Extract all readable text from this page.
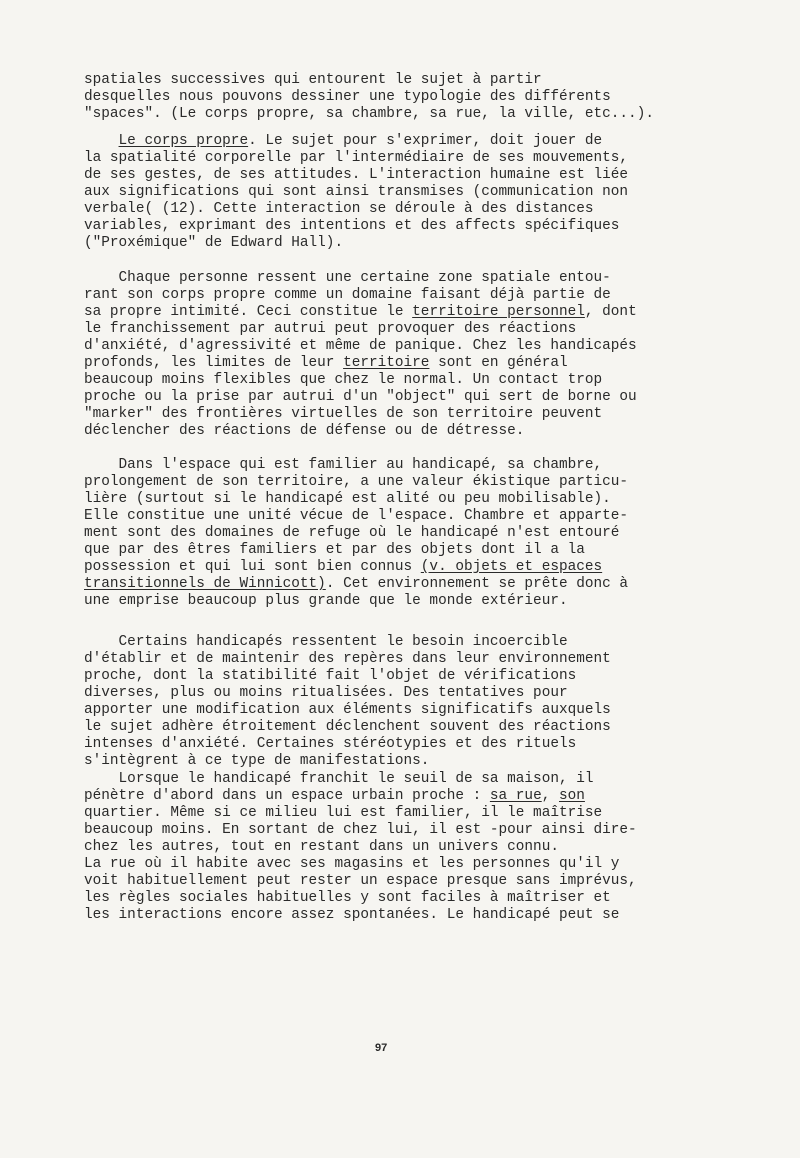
spatiales successives qui entourent le sujet à partir
desquelles nous pouvons dessiner une typologie des différents
"spaces". (Le corps propre, sa chambre, sa rue, la ville, etc...).
Le corps propre. Le sujet pour s'exprimer, doit jouer de
la spatialité corporelle par l'intermédiaire de ses mouvements,
de ses gestes, de ses attitudes. L'interaction humaine est liée
aux significations qui sont ainsi transmises (communication non
verbale( (12). Cette interaction se déroule à des distances
variables, exprimant des intentions et des affects spécifiques
("Proxémique" de Edward Hall).
Chaque personne ressent une certaine zone spatiale entou-
rant son corps propre comme un domaine faisant déjà partie de
sa propre intimité. Ceci constitue le territoire personnel, dont
le franchissement par autrui peut provoquer des réactions
d'anxiété, d'agressivité et même de panique. Chez les handicapés
profonds, les limites de leur territoire sont en général
beaucoup moins flexibles que chez le normal. Un contact trop
proche ou la prise par autrui d'un "object" qui sert de borne ou
"marker" des frontières virtuelles de son territoire peuvent
déclencher des réactions de défense ou de détresse.
Dans l'espace qui est familier au handicapé, sa chambre,
prolongement de son territoire, a une valeur ékistique particu-
lière (surtout si le handicapé est alité ou peu mobilisable).
Elle constitue une unité vécue de l'espace. Chambre et apparte-
ment sont des domaines de refuge où le handicapé n'est entouré
que par des êtres familiers et par des objets dont il a la
possession et qui lui sont bien connus (v. objets et espaces
transitionnels de Winnicott). Cet environnement se prête donc à
une emprise beaucoup plus grande que le monde extérieur.
Certains handicapés ressentent le besoin incoercible
d'établir et de maintenir des repères dans leur environnement
proche, dont la statibilité fait l'objet de vérifications
diverses, plus ou moins ritualisées. Des tentatives pour
apporter une modification aux éléments significatifs auxquels
le sujet adhère étroitement déclenchent souvent des réactions
intenses d'anxiété. Certaines stéréotypies et des rituels
s'intègrent à ce type de manifestations.
Lorsque le handicapé franchit le seuil de sa maison, il
pénètre d'abord dans un espace urbain proche : sa rue, son
quartier. Même si ce milieu lui est familier, il le maîtrise
beaucoup moins. En sortant de chez lui, il est -pour ainsi dire-
chez les autres, tout en restant dans un univers connu.
La rue où il habite avec ses magasins et les personnes qu'il y
voit habituellement peut rester un espace presque sans imprévus,
les règles sociales habituelles y sont faciles à maîtriser et
les interactions encore assez spontanées. Le handicapé peut se
97
